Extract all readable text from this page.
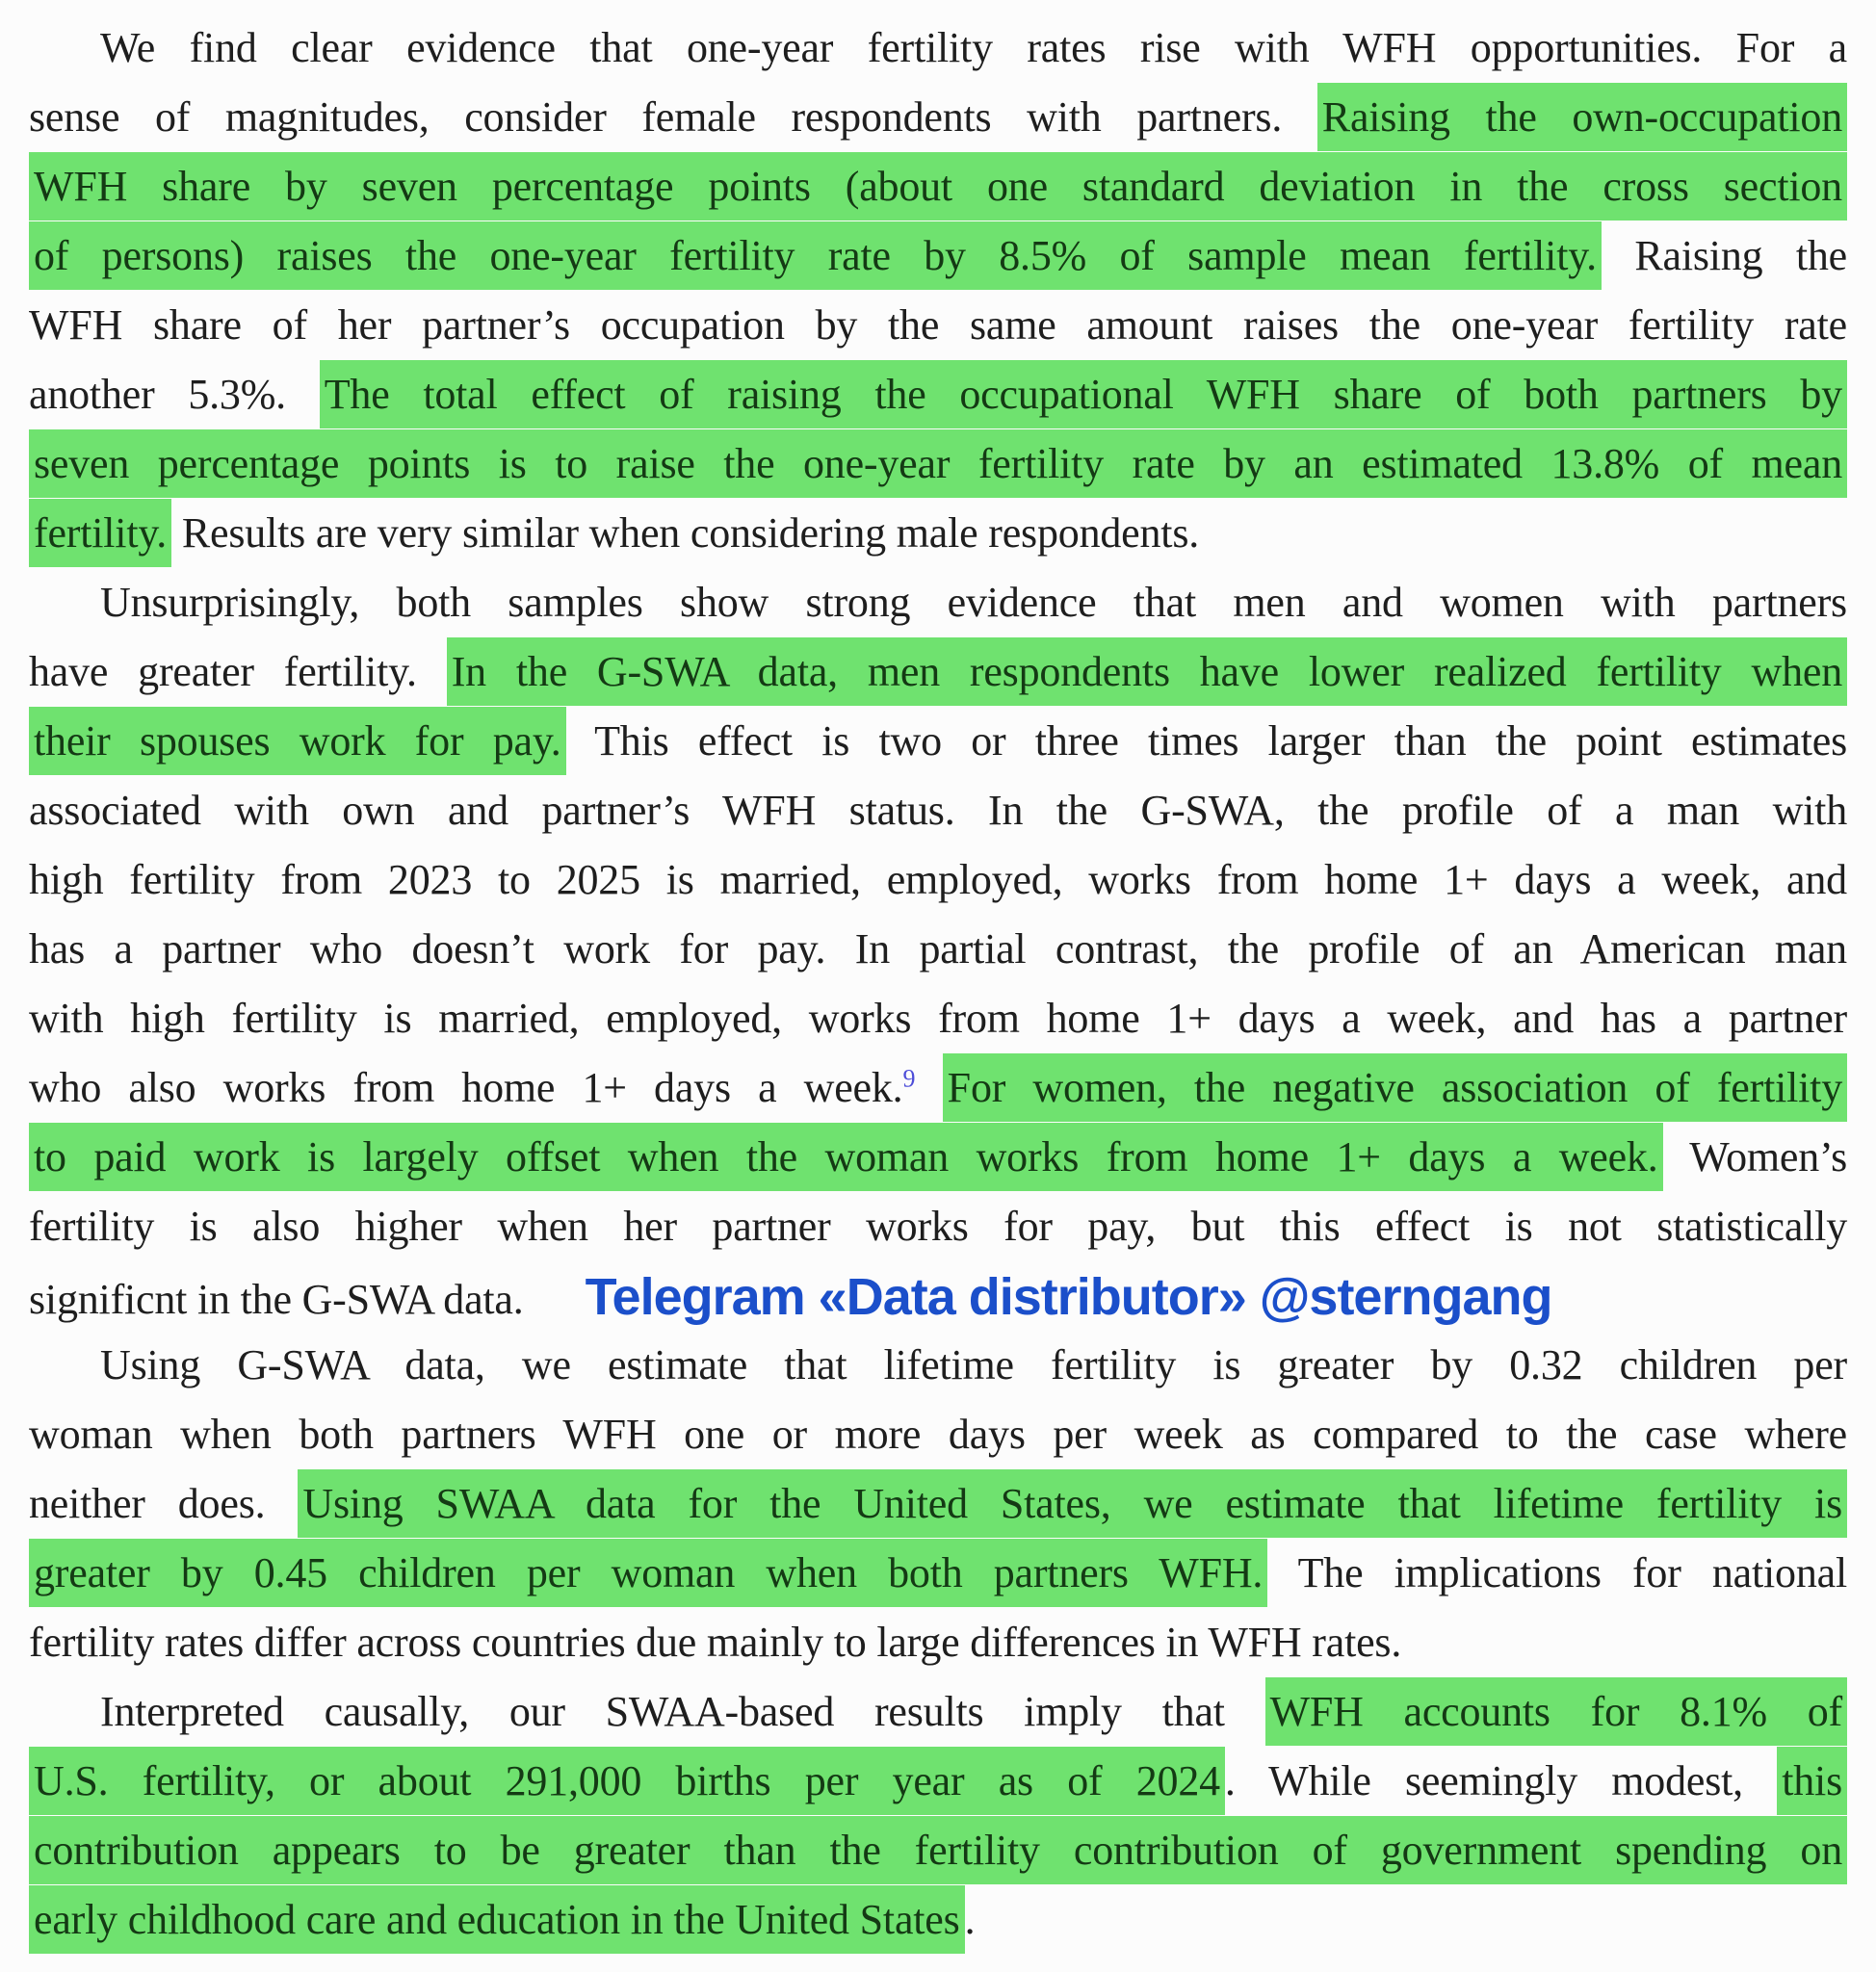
We find clear evidence that one-year fertility rates rise with WFH opportunities. For a
sense of magnitudes, consider female respondents with partners. Raising the own-occupation
WFH share by seven percentage points (about one standard deviation in the cross section
of persons) raises the one-year fertility rate by 8.5% of sample mean fertility. Raising the
WFH share of her partner’s occupation by the same amount raises the one-year fertility rate
another 5.3%. The total effect of raising the occupational WFH share of both partners by
seven percentage points is to raise the one-year fertility rate by an estimated 13.8% of mean
fertility. Results are very similar when considering male respondents.
Unsurprisingly, both samples show strong evidence that men and women with partners
have greater fertility. In the G-SWA data, men respondents have lower realized fertility when
their spouses work for pay. This effect is two or three times larger than the point estimates
associated with own and partner’s WFH status. In the G-SWA, the profile of a man with
high fertility from 2023 to 2025 is married, employed, works from home 1+ days a week, and
has a partner who doesn’t work for pay. In partial contrast, the profile of an American man
with high fertility is married, employed, works from home 1+ days a week, and has a partner
who also works from home 1+ days a week.$^9$ For women, the negative association of fertility
to paid work is largely offset when the woman works from home 1+ days a week. Women’s
fertility is also higher when her partner works for pay, but this effect is not statistically
significnt in the G-SWA data. Telegram «Data distributor» @sterngang
Using G-SWA data, we estimate that lifetime fertility is greater by 0.32 children per
woman when both partners WFH one or more days per week as compared to the case where
neither does. Using SWAA data for the United States, we estimate that lifetime fertility is
greater by 0.45 children per woman when both partners WFH. The implications for national
fertility rates differ across countries due mainly to large differences in WFH rates.
Interpreted causally, our SWAA-based results imply that WFH accounts for 8.1% of
U.S. fertility, or about 291,000 births per year as of 2024 . While seemingly modest, this
contribution appears to be greater than the fertility contribution of government spending on
early childhood care and education in the United States .
